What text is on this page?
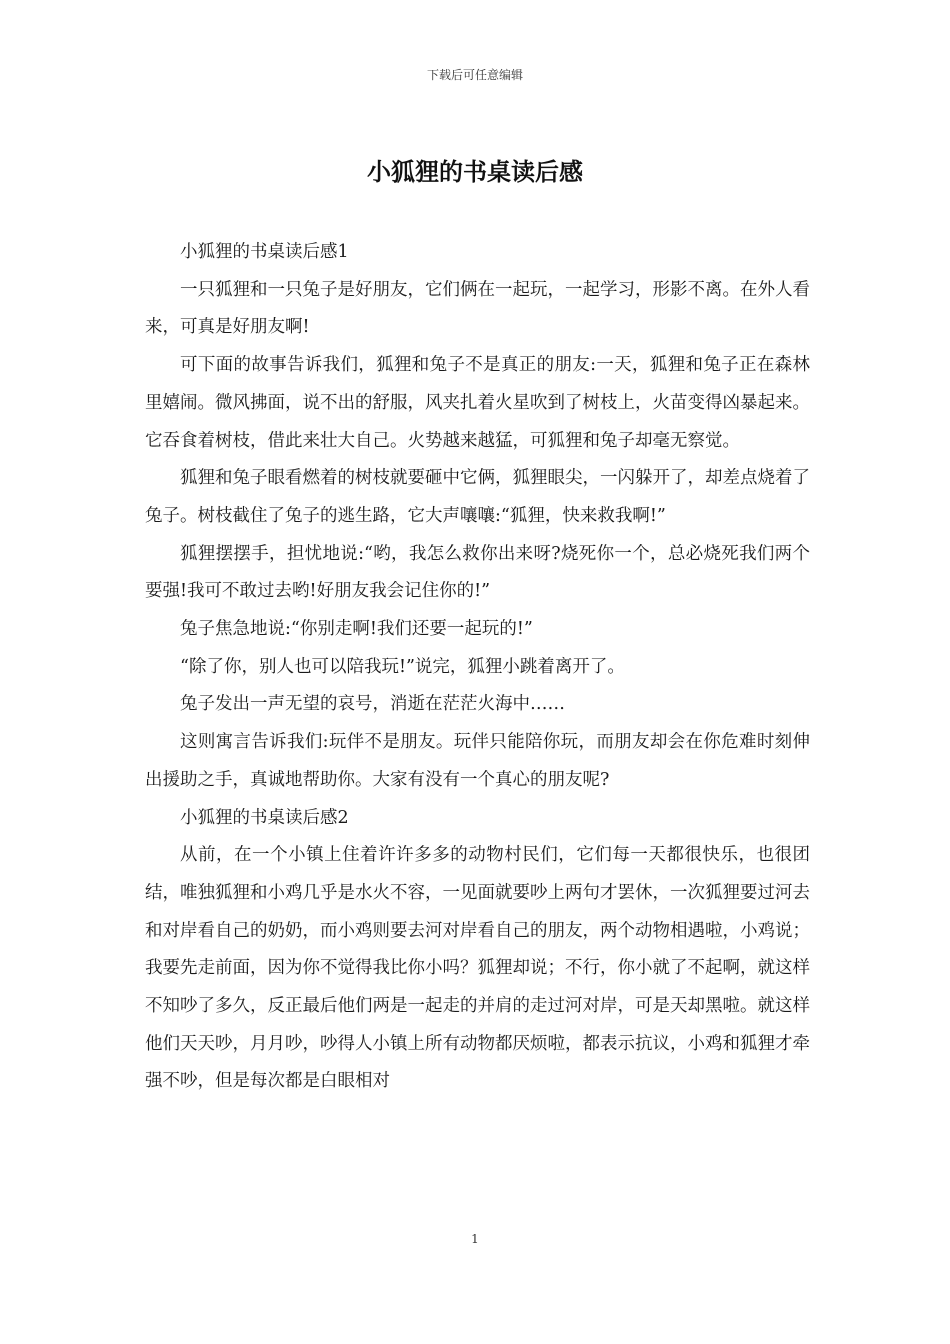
下载后可任意编辑
小狐狸的书桌读后感

小狐狸的书桌读后感1

一只狐狸和一只兔子是好朋友，它们俩在一起玩，一起学习，形影不离。在外人看来，可真是好朋友啊!

可下面的故事告诉我们，狐狸和兔子不是真正的朋友:一天，狐狸和兔子正在森林里嬉闹。微风拂面，说不出的舒服，风夹扎着火星吹到了树枝上，火苗变得凶暴起来。它吞食着树枝，借此来壮大自己。火势越来越猛，可狐狸和兔子却毫无察觉。

狐狸和兔子眼看燃着的树枝就要砸中它俩，狐狸眼尖，一闪躲开了，却差点烧着了兔子。树枝截住了兔子的逃生路，它大声嚷嚷:“狐狸，快来救我啊!”

狐狸摆摆手，担忧地说:“哟，我怎么救你出来呀?烧死你一个，总必烧死我们两个要强!我可不敢过去哟!好朋友我会记住你的!”

兔子焦急地说:“你别走啊!我们还要一起玩的!”

“除了你，别人也可以陪我玩!”说完，狐狸小跳着离开了。

兔子发出一声无望的哀号，消逝在茫茫火海中……

这则寓言告诉我们:玩伴不是朋友。玩伴只能陪你玩，而朋友却会在你危难时刻伸出援助之手，真诚地帮助你。大家有没有一个真心的朋友呢?

小狐狸的书桌读后感2

从前，在一个小镇上住着许许多多的动物村民们，它们每一天都很快乐，也很团结，唯独狐狸和小鸡几乎是水火不容，一见面就要吵上两句才罢休，一次狐狸要过河去和对岸看自己的奶奶，而小鸡则要去河对岸看自己的朋友，两个动物相遇啦，小鸡说；我要先走前面，因为你不觉得我比你小吗？狐狸却说；不行，你小就了不起啊，就这样不知吵了多久，反正最后他们两是一起走的并肩的走过河对岸，可是天却黑啦。就这样他们天天吵，月月吵，吵得人小镇上所有动物都厌烦啦，都表示抗议，小鸡和狐狸才牵强不吵，但是每次都是白眼相对

1
